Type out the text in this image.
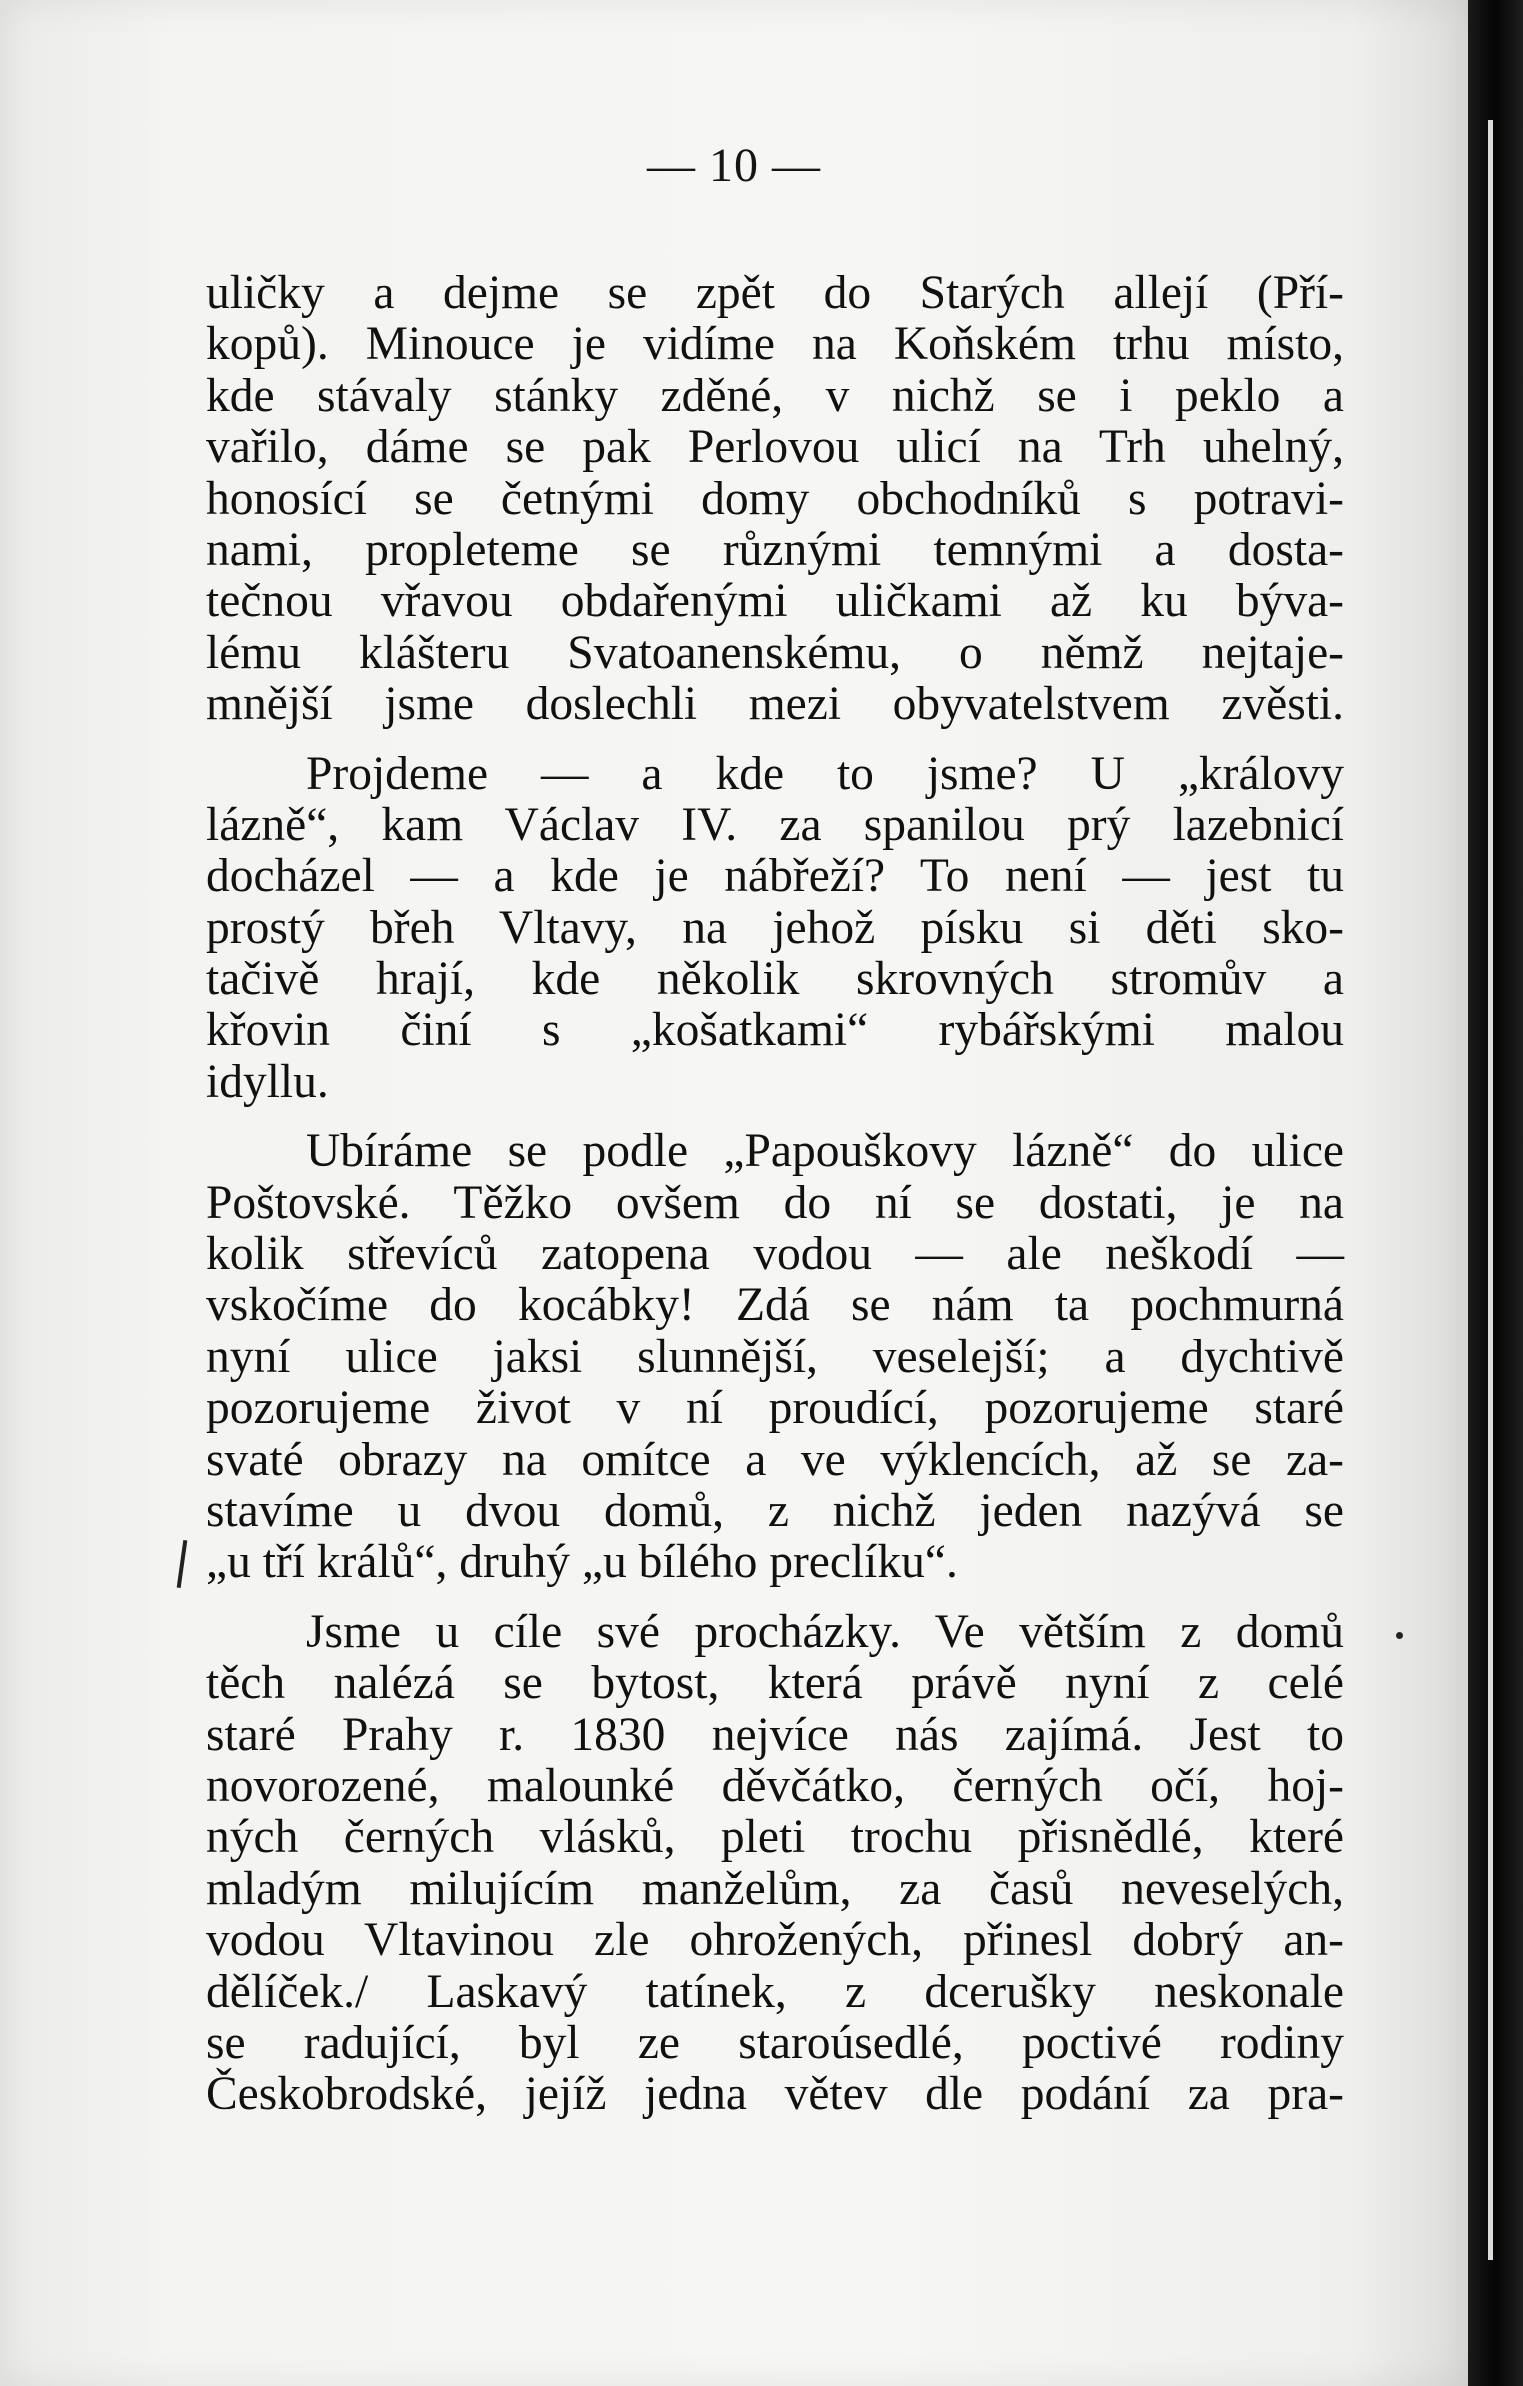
— 10 —
uličky a dejme se zpět do Starých allejí (Pří-
kopů). Minouce je vidíme na Koňském trhu místo,
kde stávaly stánky zděné, v nichž se i peklo a
vařilo, dáme se pak Perlovou ulicí na Trh uhelný,
honosící se četnými domy obchodníků s potravi-
nami, propleteme se různými temnými a dosta-
tečnou vřavou obdařenými uličkami až ku býva-
lému klášteru Svatoanenskému, o němž nejtaje-
mnější jsme doslechli mezi obyvatelstvem zvěsti.
Projdeme — a kde to jsme? U „královy
lázně“, kam Václav IV. za spanilou prý lazebnicí
docházel — a kde je nábřeží? To není — jest tu
prostý břeh Vltavy, na jehož písku si děti sko-
tačivě hrají, kde několik skrovných stromův a
křovin činí s „košatkami“ rybářskými malou
idyllu.
Ubíráme se podle „Papouškovy lázně“ do ulice
Poštovské. Těžko ovšem do ní se dostati, je na
kolik střevíců zatopena vodou — ale neškodí —
vskočíme do kocábky! Zdá se nám ta pochmurná
nyní ulice jaksi slunnější, veselejší; a dychtivě
pozorujeme život v ní proudící, pozorujeme staré
svaté obrazy na omítce a ve výklencích, až se za-
stavíme u dvou domů, z nichž jeden nazývá se
„u tří králů“, druhý „u bílého preclíku“.
Jsme u cíle své procházky. Ve větším z domů
těch nalézá se bytost, která právě nyní z celé
staré Prahy r. 1830 nejvíce nás zajímá. Jest to
novorozené, malounké děvčátko, černých očí, hoj-
ných černých vlásků, pleti trochu přisnědlé, které
mladým milujícím manželům, za časů neveselých,
vodou Vltavinou zle ohrožených, přinesl dobrý an-
dělíček./ Laskavý tatínek, z dcerušky neskonale
se radující, byl ze staroúsedlé, poctivé rodiny
Českobrodské, jejíž jedna větev dle podání za pra-
